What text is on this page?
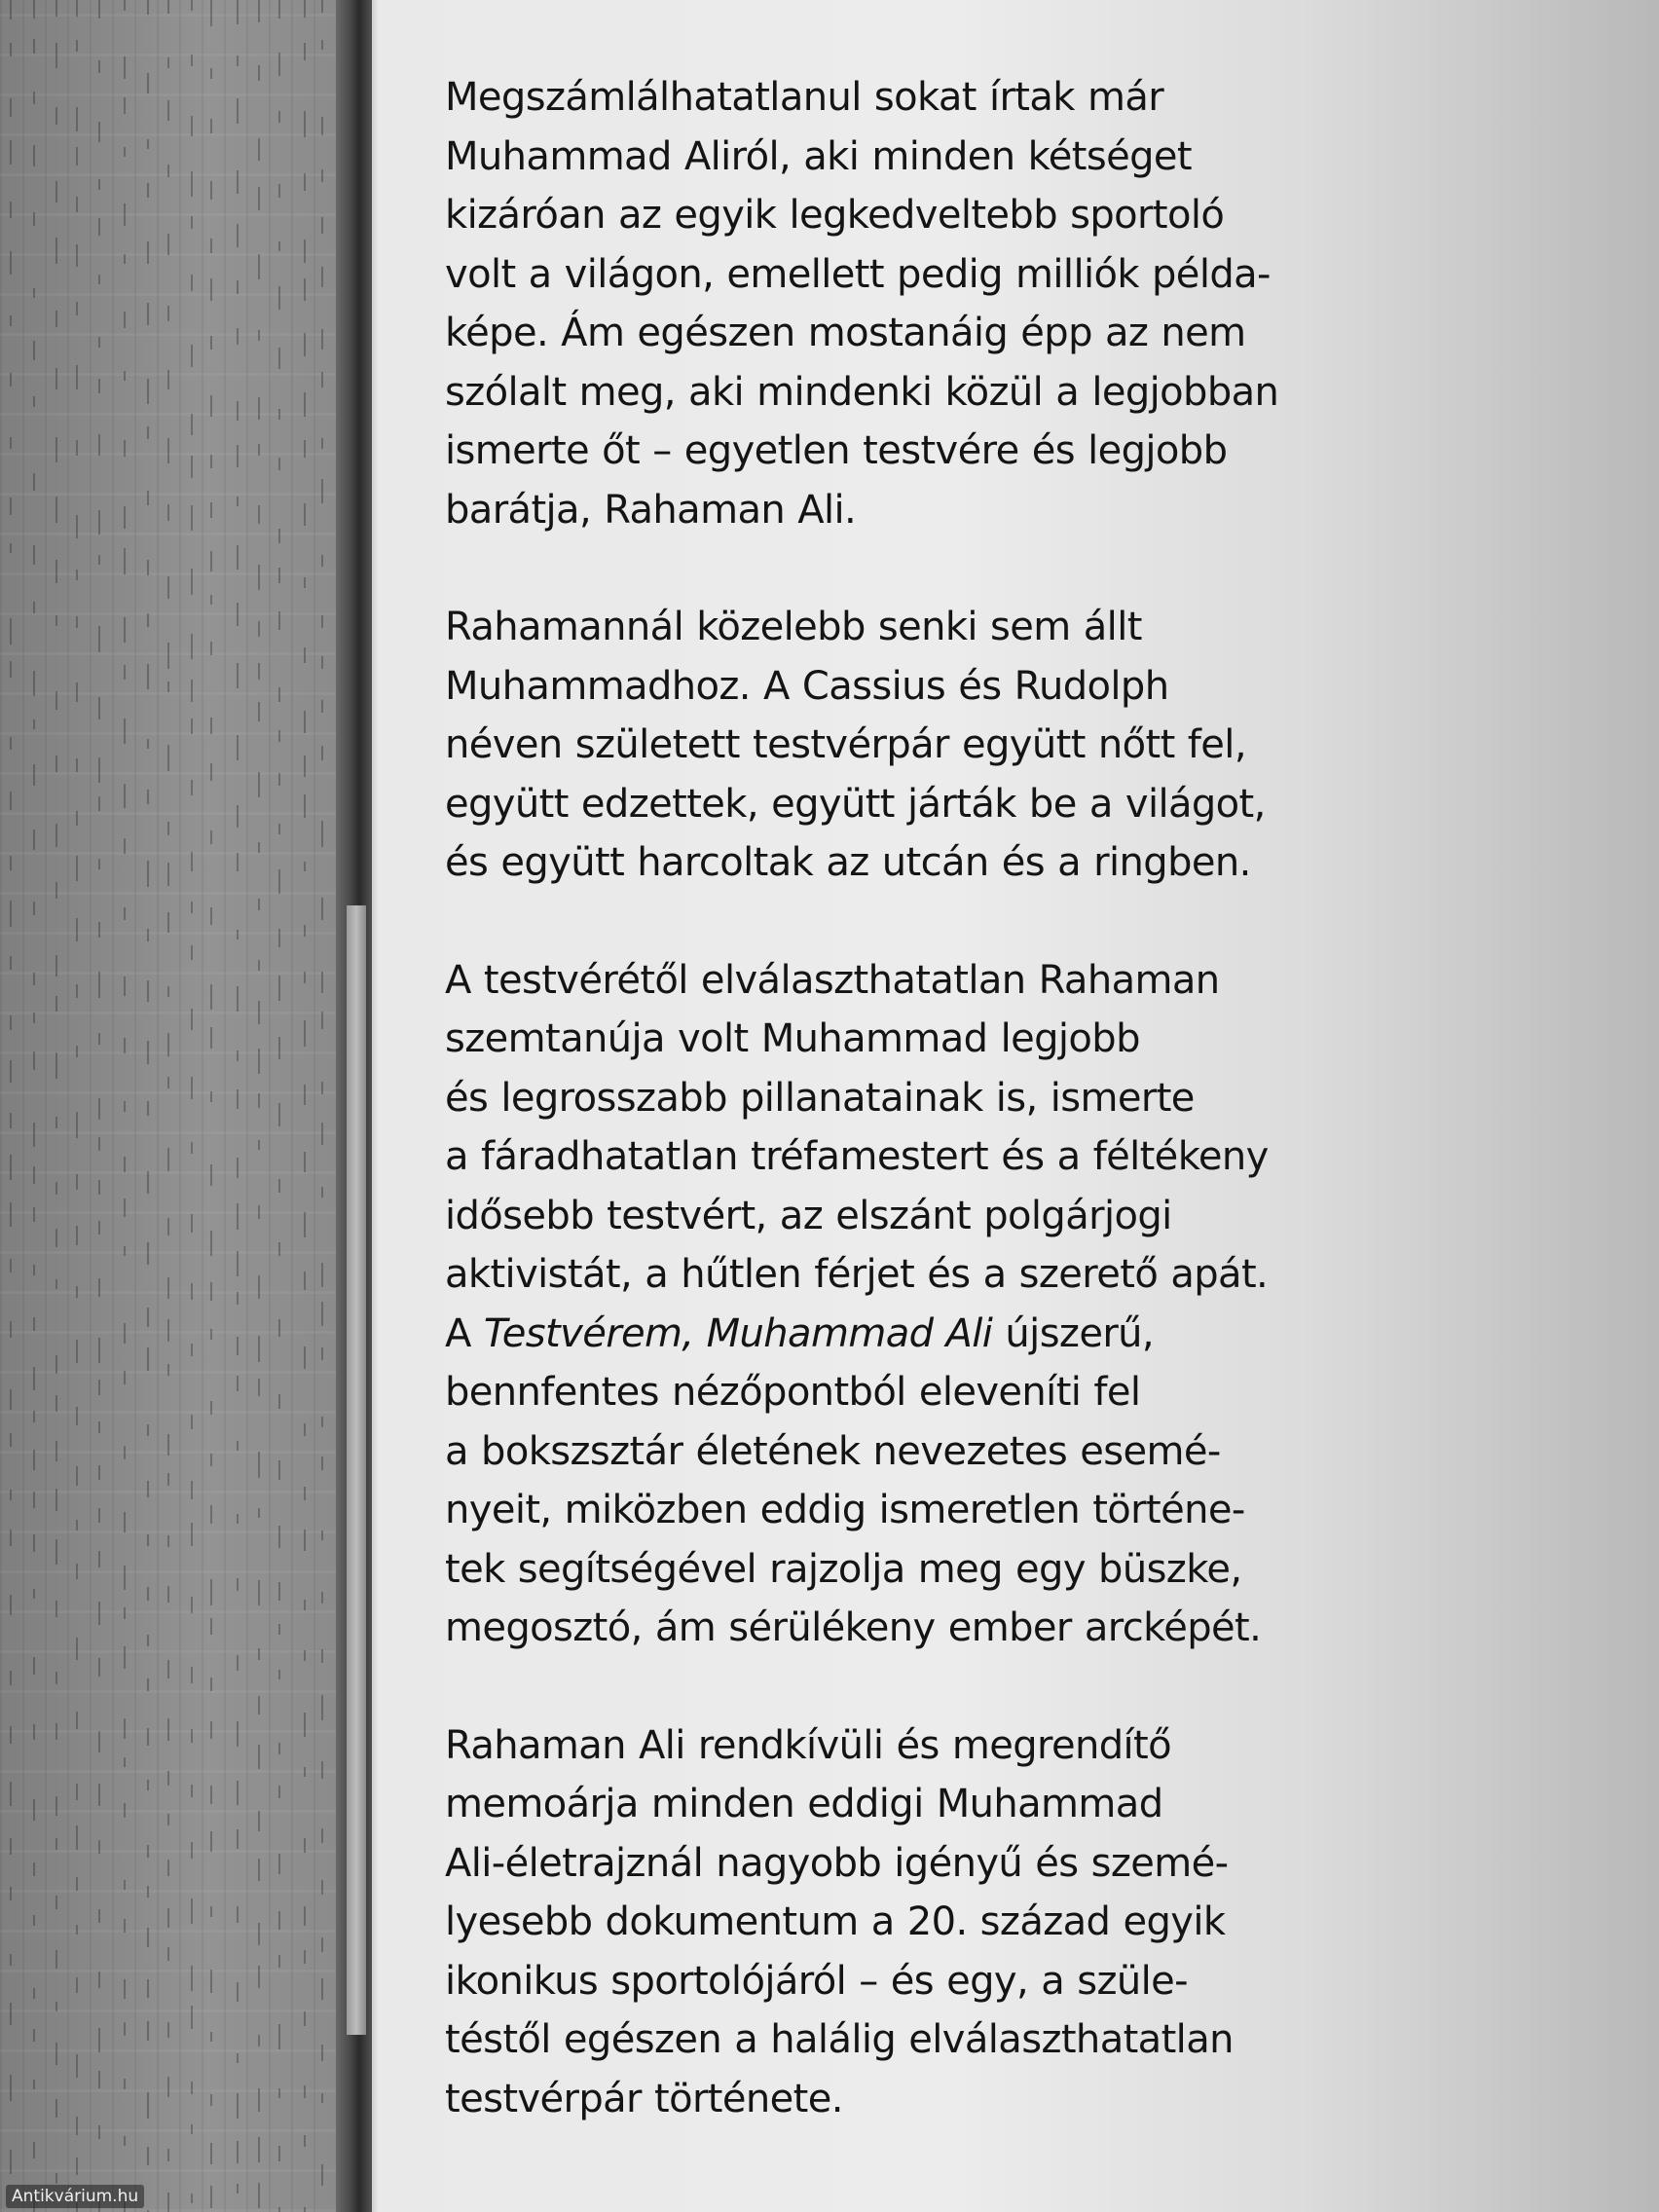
Megszámlálhatatlanul sokat írtak már
Muhammad Aliról, aki minden kétséget
kizáróan az egyik legkedveltebb sportoló
volt a világon, emellett pedig milliók példa-
képe. Ám egészen mostanáig épp az nem
szólalt meg, aki mindenki közül a legjobban
ismerte őt – egyetlen testvére és legjobb
barátja, Rahaman Ali.

Rahamannál közelebb senki sem állt
Muhammadhoz. A Cassius és Rudolph
néven született testvérpár együtt nőtt fel,
együtt edzettek, együtt járták be a világot,
és együtt harcoltak az utcán és a ringben.

A testvérétől elválaszthatatlan Rahaman
szemtanúja volt Muhammad legjobb
és legrosszabb pillanatainak is, ismerte
a fáradhatatlan tréfamestert és a féltékeny
idősebb testvért, az elszánt polgárjogi
aktivistát, a hűtlen férjet és a szerető apát.
A Testvérem, Muhammad Ali újszerű,
bennfentes nézőpontból eleveníti fel
a bokszsztár életének nevezetes esemé-
nyeit, miközben eddig ismeretlen történe-
tek segítségével rajzolja meg egy büszke,
megosztó, ám sérülékeny ember arcképét.

Rahaman Ali rendkívüli és megrendítő
memoárja minden eddigi Muhammad
Ali-életrajznál nagyobb igényű és szemé-
lyesebb dokumentum a 20. század egyik
ikonikus sportolójáról – és egy, a szüle-
téstől egészen a halálig elválaszthatatlan
testvérpár története.

Antikvárium.hu
